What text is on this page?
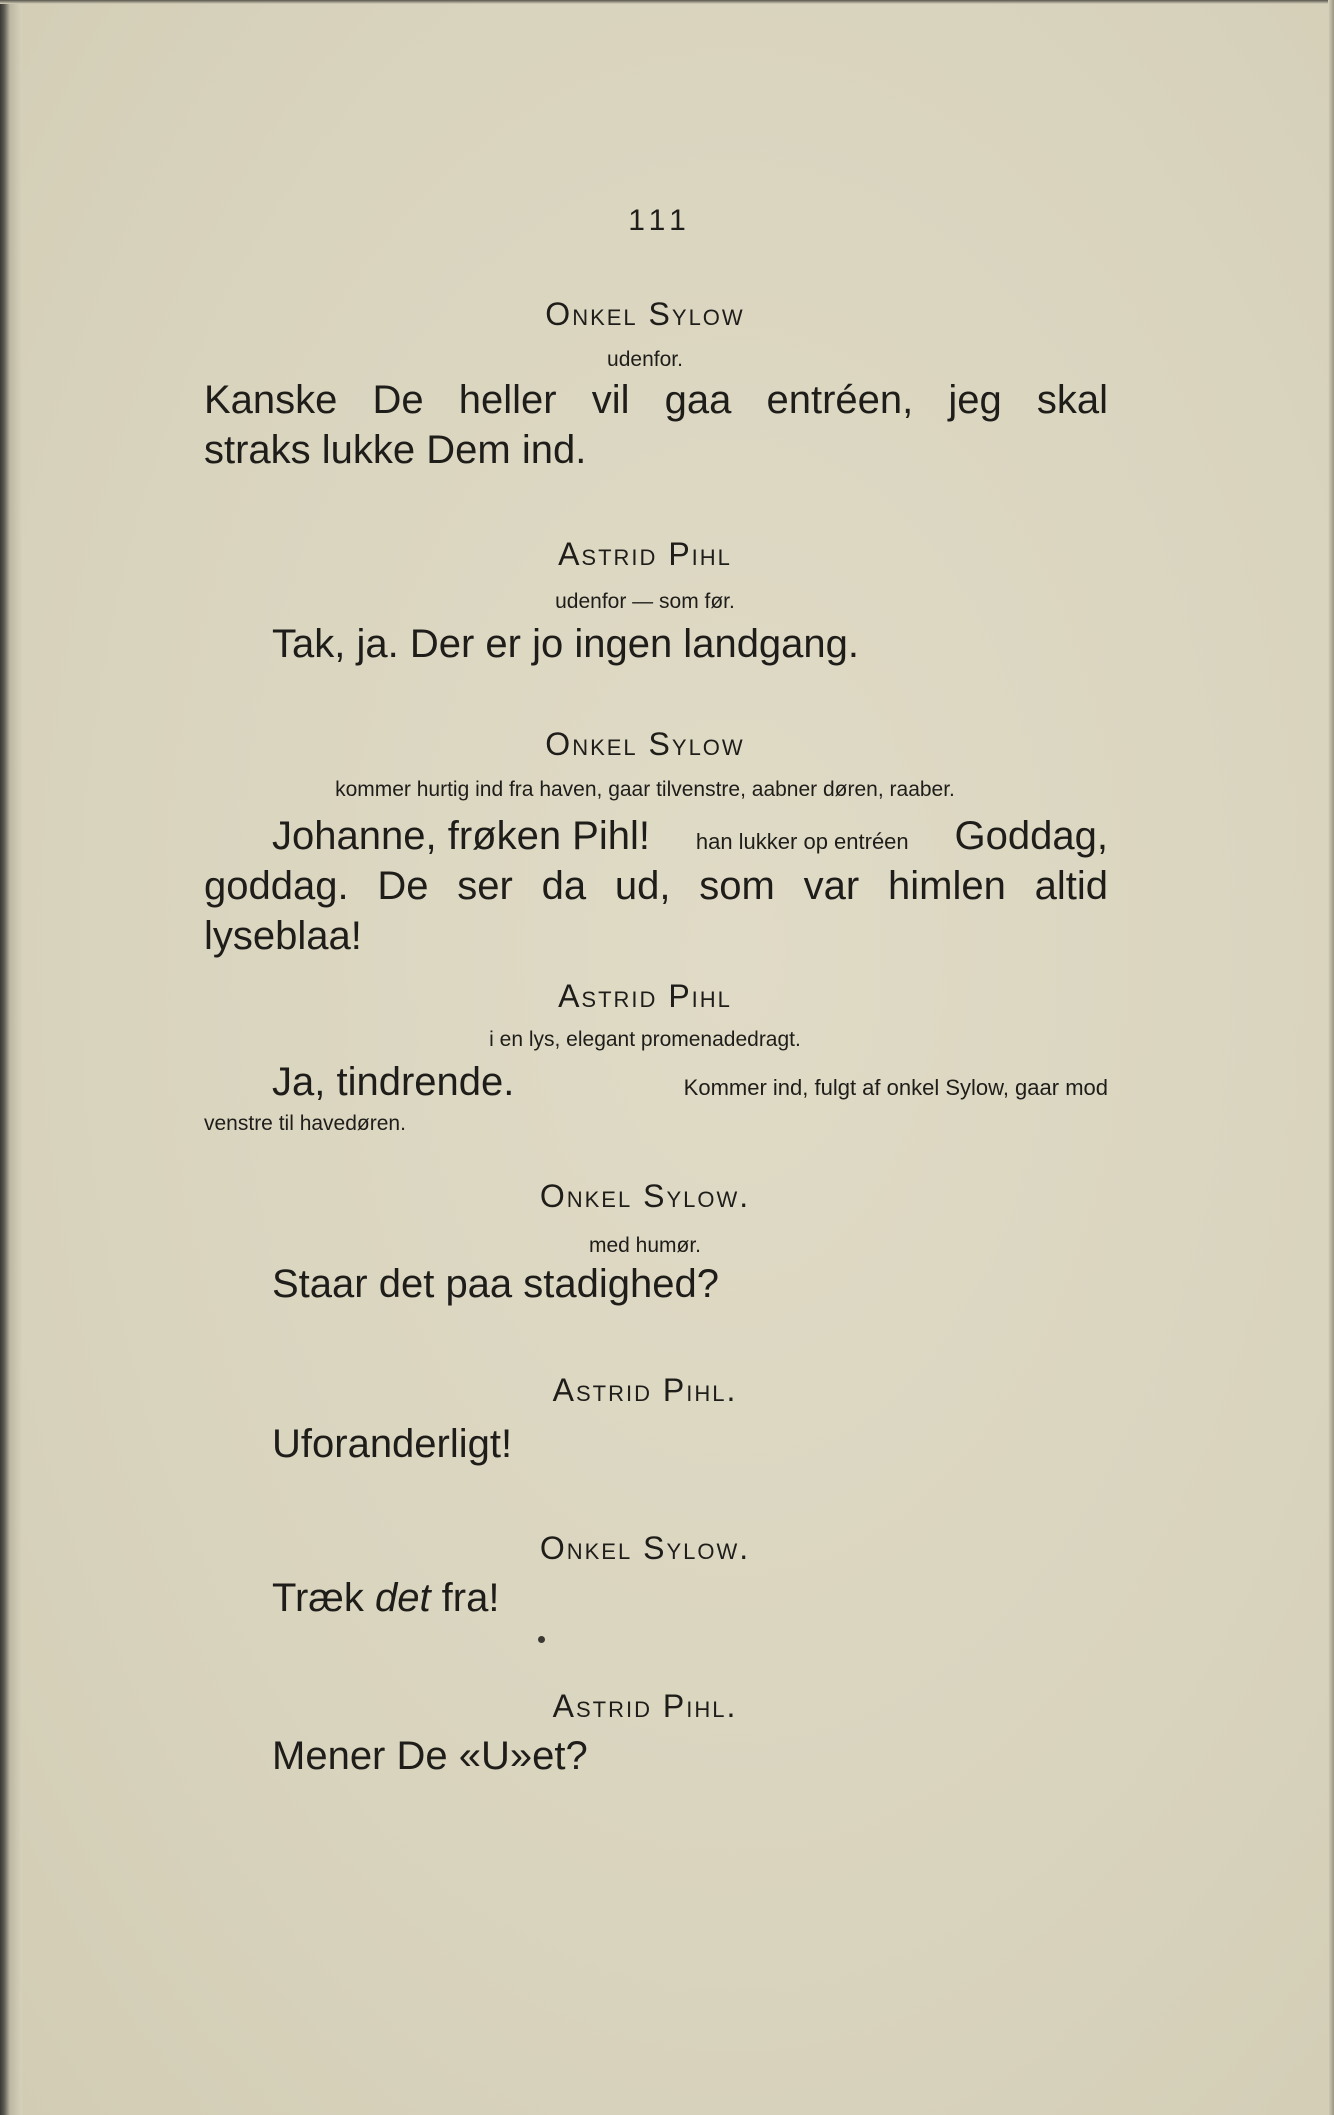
111
Onkel Sylow
udenfor.
Kanske De heller vil gaa entréen, jeg skal
straks lukke Dem ind.
Astrid Pihl
udenfor — som før.
Tak, ja. Der er jo ingen landgang.
Onkel Sylow
kommer hurtig ind fra haven, gaar tilvenstre, aabner døren, raaber.
Johanne, frøken Pihl! han lukker op entréen Goddag,
goddag. De ser da ud, som var himlen altid
lyseblaa!
Astrid Pihl
i en lys, elegant promenadedragt.
Ja, tindrende.	Kommer ind, fulgt af onkel Sylow, gaar mod
venstre til havedøren.
Onkel Sylow.
med humør.
Staar det paa stadighed?
Astrid Pihl.
Uforanderligt!
Onkel Sylow.
Træk det fra!
Astrid Pihl.
Mener De «U»et?
